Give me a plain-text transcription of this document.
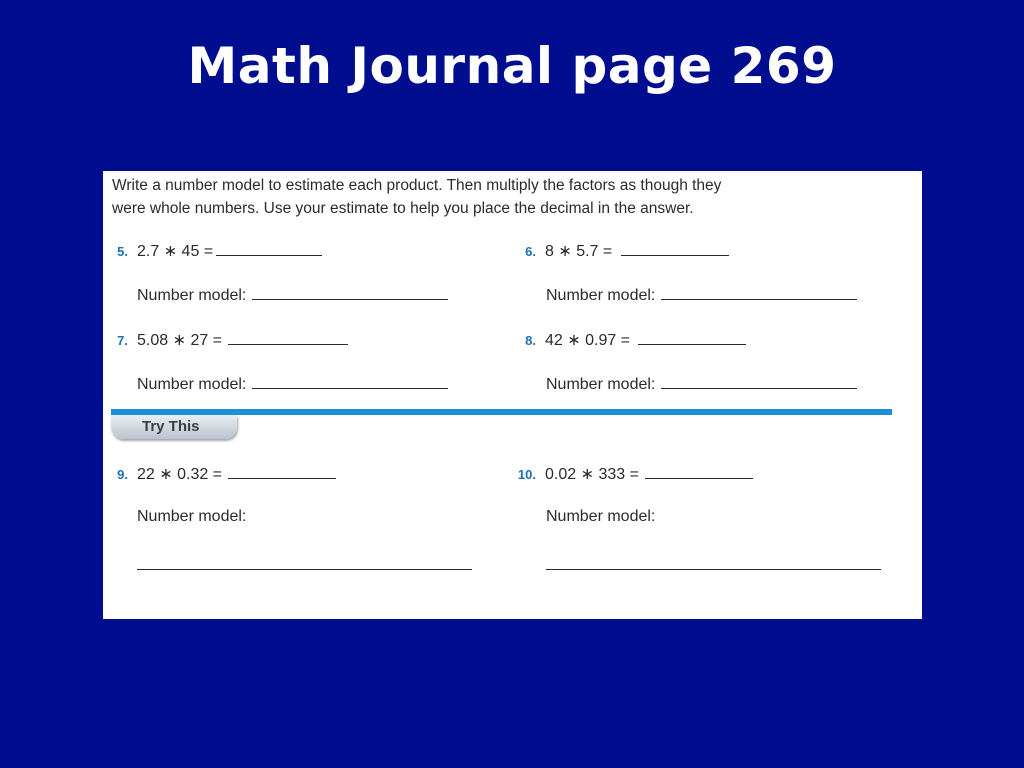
Math Journal page 269
Write a number model to estimate each product. Then multiply the factors as though they
were whole numbers. Use your estimate to help you place the decimal in the answer.
5. 2.7 ∗ 45 =
Number model:
6. 8 ∗ 5.7 =
Number model:
7. 5.08 ∗ 27 =
Number model:
8. 42 ∗ 0.97 =
Number model:
Try This
9. 22 ∗ 0.32 =
Number model:
10. 0.02 ∗ 333 =
Number model:
